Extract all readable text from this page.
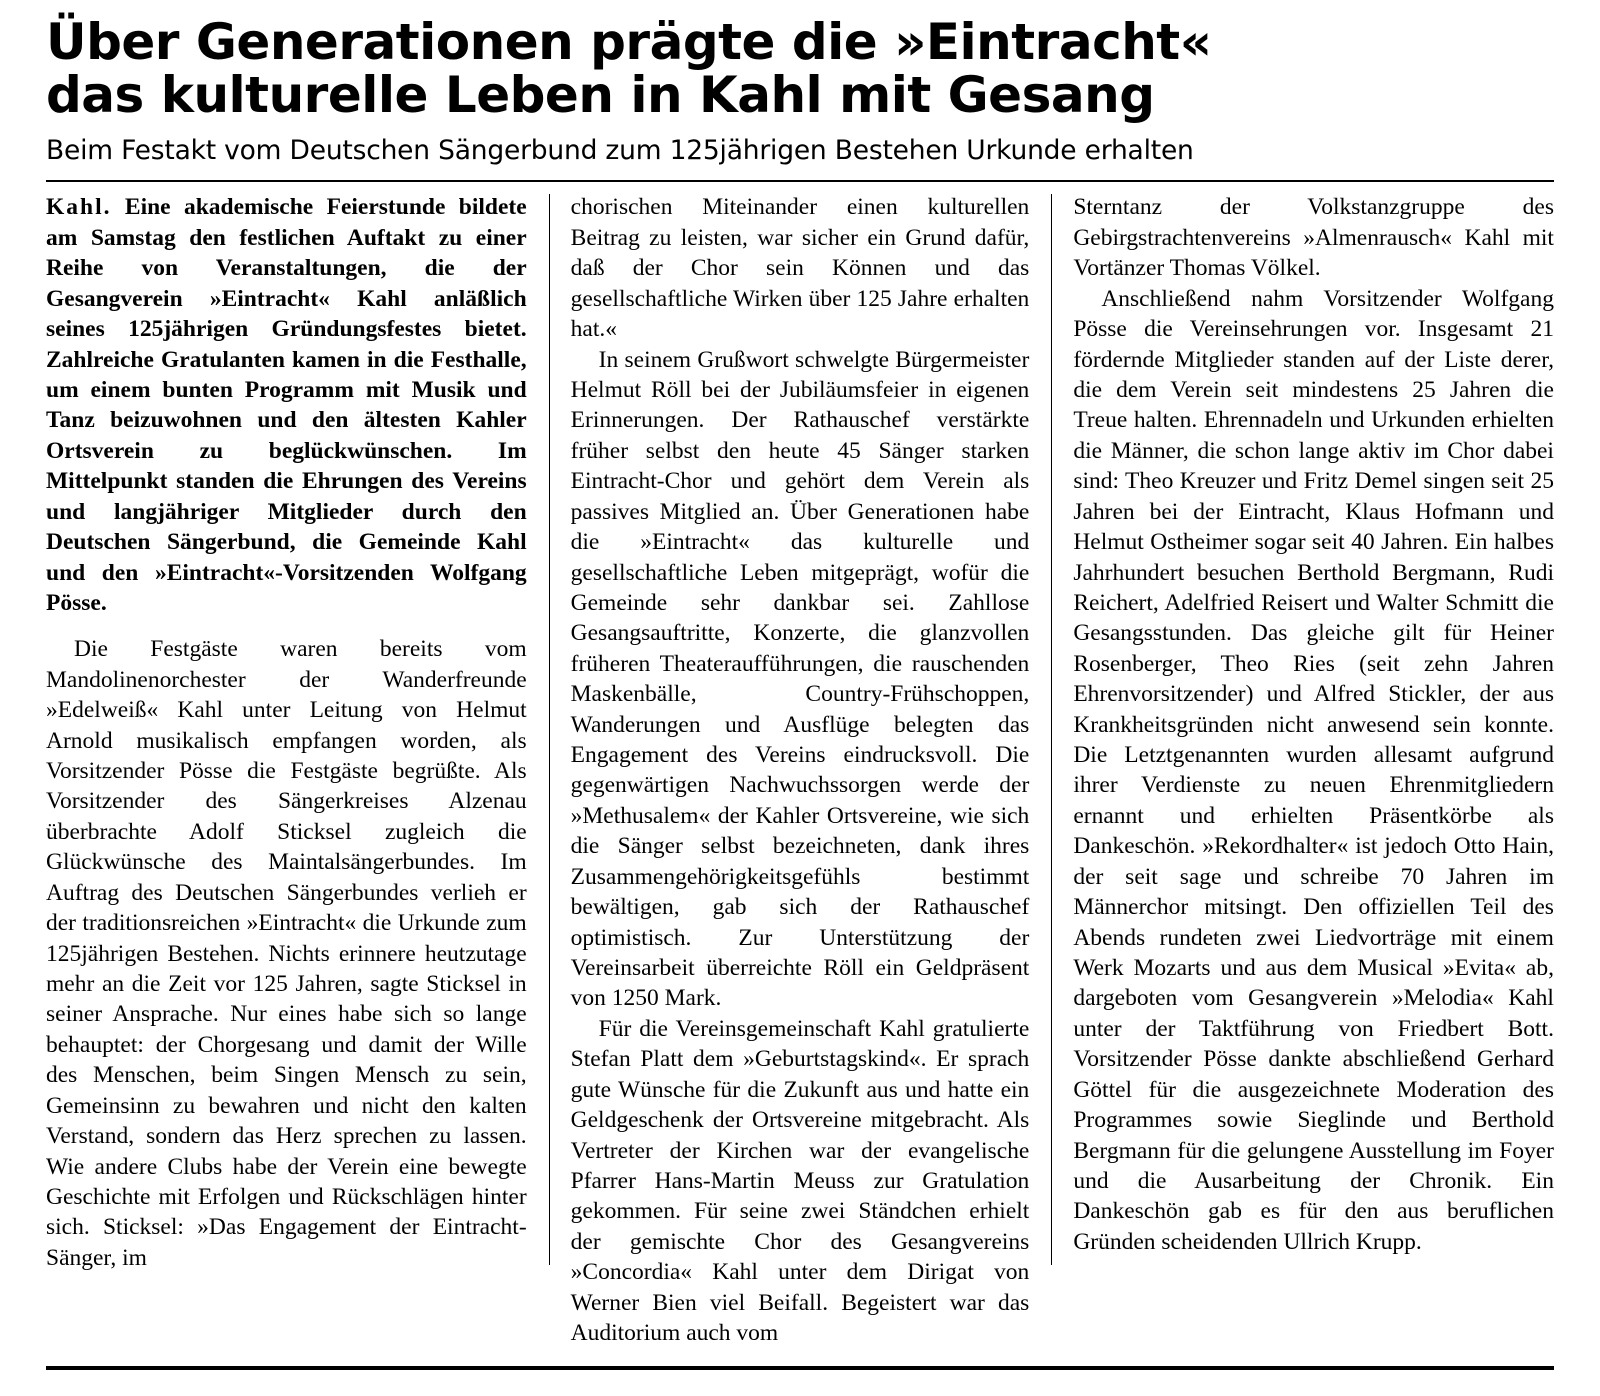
Über Generationen prägte die »Eintracht«
das kulturelle Leben in Kahl mit Gesang
Beim Festakt vom Deutschen Sängerbund zum 125jährigen Bestehen Urkunde erhalten

Kahl. Eine akademische Feierstunde bildete am Samstag den festlichen Auftakt zu einer Reihe von Veranstaltungen, die der Gesangverein »Eintracht« Kahl anläßlich seines 125jährigen Gründungsfestes bietet. Zahlreiche Gratulanten kamen in die Festhalle, um einem bunten Programm mit Musik und Tanz beizuwohnen und den ältesten Kahler Ortsverein zu beglückwünschen. Im Mittelpunkt standen die Ehrungen des Vereins und langjähriger Mitglieder durch den Deutschen Sängerbund, die Gemeinde Kahl und den »Eintracht«-Vorsitzenden Wolfgang Pösse.

Die Festgäste waren bereits vom Mandolinenorchester der Wanderfreunde »Edelweiß« Kahl unter Leitung von Helmut Arnold musikalisch empfangen worden, als Vorsitzender Pösse die Festgäste begrüßte. Als Vorsitzender des Sängerkreises Alzenau überbrachte Adolf Sticksel zugleich die Glückwünsche des Maintalsängerbundes. Im Auftrag des Deutschen Sängerbundes verlieh er der traditionsreichen »Eintracht« die Urkunde zum 125jährigen Bestehen. Nichts erinnere heutzutage mehr an die Zeit vor 125 Jahren, sagte Sticksel in seiner Ansprache. Nur eines habe sich so lange behauptet: der Chorgesang und damit der Wille des Menschen, beim Singen Mensch zu sein, Gemeinsinn zu bewahren und nicht den kalten Verstand, sondern das Herz sprechen zu lassen. Wie andere Clubs habe der Verein eine bewegte Geschichte mit Erfolgen und Rückschlägen hinter sich. Sticksel: »Das Engagement der Eintracht-Sänger, im

chorischen Miteinander einen kulturellen Beitrag zu leisten, war sicher ein Grund dafür, daß der Chor sein Können und das gesellschaftliche Wirken über 125 Jahre erhalten hat.«

In seinem Grußwort schwelgte Bürgermeister Helmut Röll bei der Jubiläumsfeier in eigenen Erinnerungen. Der Rathauschef verstärkte früher selbst den heute 45 Sänger starken Eintracht-Chor und gehört dem Verein als passives Mitglied an. Über Generationen habe die »Eintracht« das kulturelle und gesellschaftliche Leben mitgeprägt, wofür die Gemeinde sehr dankbar sei. Zahllose Gesangsauftritte, Konzerte, die glanzvollen früheren Theateraufführungen, die rauschenden Maskenbälle, Country-Frühschoppen, Wanderungen und Ausflüge belegten das Engagement des Vereins eindrucksvoll. Die gegenwärtigen Nachwuchssorgen werde der »Methusalem« der Kahler Ortsvereine, wie sich die Sänger selbst bezeichneten, dank ihres Zusammengehörigkeitsgefühls bestimmt bewältigen, gab sich der Rathauschef optimistisch. Zur Unterstützung der Vereinsarbeit überreichte Röll ein Geldpräsent von 1250 Mark.

Für die Vereinsgemeinschaft Kahl gratulierte Stefan Platt dem »Geburtstagskind«. Er sprach gute Wünsche für die Zukunft aus und hatte ein Geldgeschenk der Ortsvereine mitgebracht. Als Vertreter der Kirchen war der evangelische Pfarrer Hans-Martin Meuss zur Gratulation gekommen. Für seine zwei Ständchen erhielt der gemischte Chor des Gesangvereins »Concordia« Kahl unter dem Dirigat von Werner Bien viel Beifall. Begeistert war das Auditorium auch vom

Sterntanz der Volkstanzgruppe des Gebirgstrachtenvereins »Almenrausch« Kahl mit Vortänzer Thomas Völkel.

Anschließend nahm Vorsitzender Wolfgang Pösse die Vereinsehrungen vor. Insgesamt 21 fördernde Mitglieder standen auf der Liste derer, die dem Verein seit mindestens 25 Jahren die Treue halten. Ehrennadeln und Urkunden erhielten die Männer, die schon lange aktiv im Chor dabei sind: Theo Kreuzer und Fritz Demel singen seit 25 Jahren bei der Eintracht, Klaus Hofmann und Helmut Ostheimer sogar seit 40 Jahren. Ein halbes Jahrhundert besuchen Berthold Bergmann, Rudi Reichert, Adelfried Reisert und Walter Schmitt die Gesangsstunden. Das gleiche gilt für Heiner Rosenberger, Theo Ries (seit zehn Jahren Ehrenvorsitzender) und Alfred Stickler, der aus Krankheitsgründen nicht anwesend sein konnte. Die Letztgenannten wurden allesamt aufgrund ihrer Verdienste zu neuen Ehrenmitgliedern ernannt und erhielten Präsentkörbe als Dankeschön. »Rekordhalter« ist jedoch Otto Hain, der seit sage und schreibe 70 Jahren im Männerchor mitsingt. Den offiziellen Teil des Abends rundeten zwei Liedvorträge mit einem Werk Mozarts und aus dem Musical »Evita« ab, dargeboten vom Gesangverein »Melodia« Kahl unter der Taktführung von Friedbert Bott. Vorsitzender Pösse dankte abschließend Gerhard Göttel für die ausgezeichnete Moderation des Programmes sowie Sieglinde und Berthold Bergmann für die gelungene Ausstellung im Foyer und die Ausarbeitung der Chronik. Ein Dankeschön gab es für den aus beruflichen Gründen scheidenden Ullrich Krupp.
